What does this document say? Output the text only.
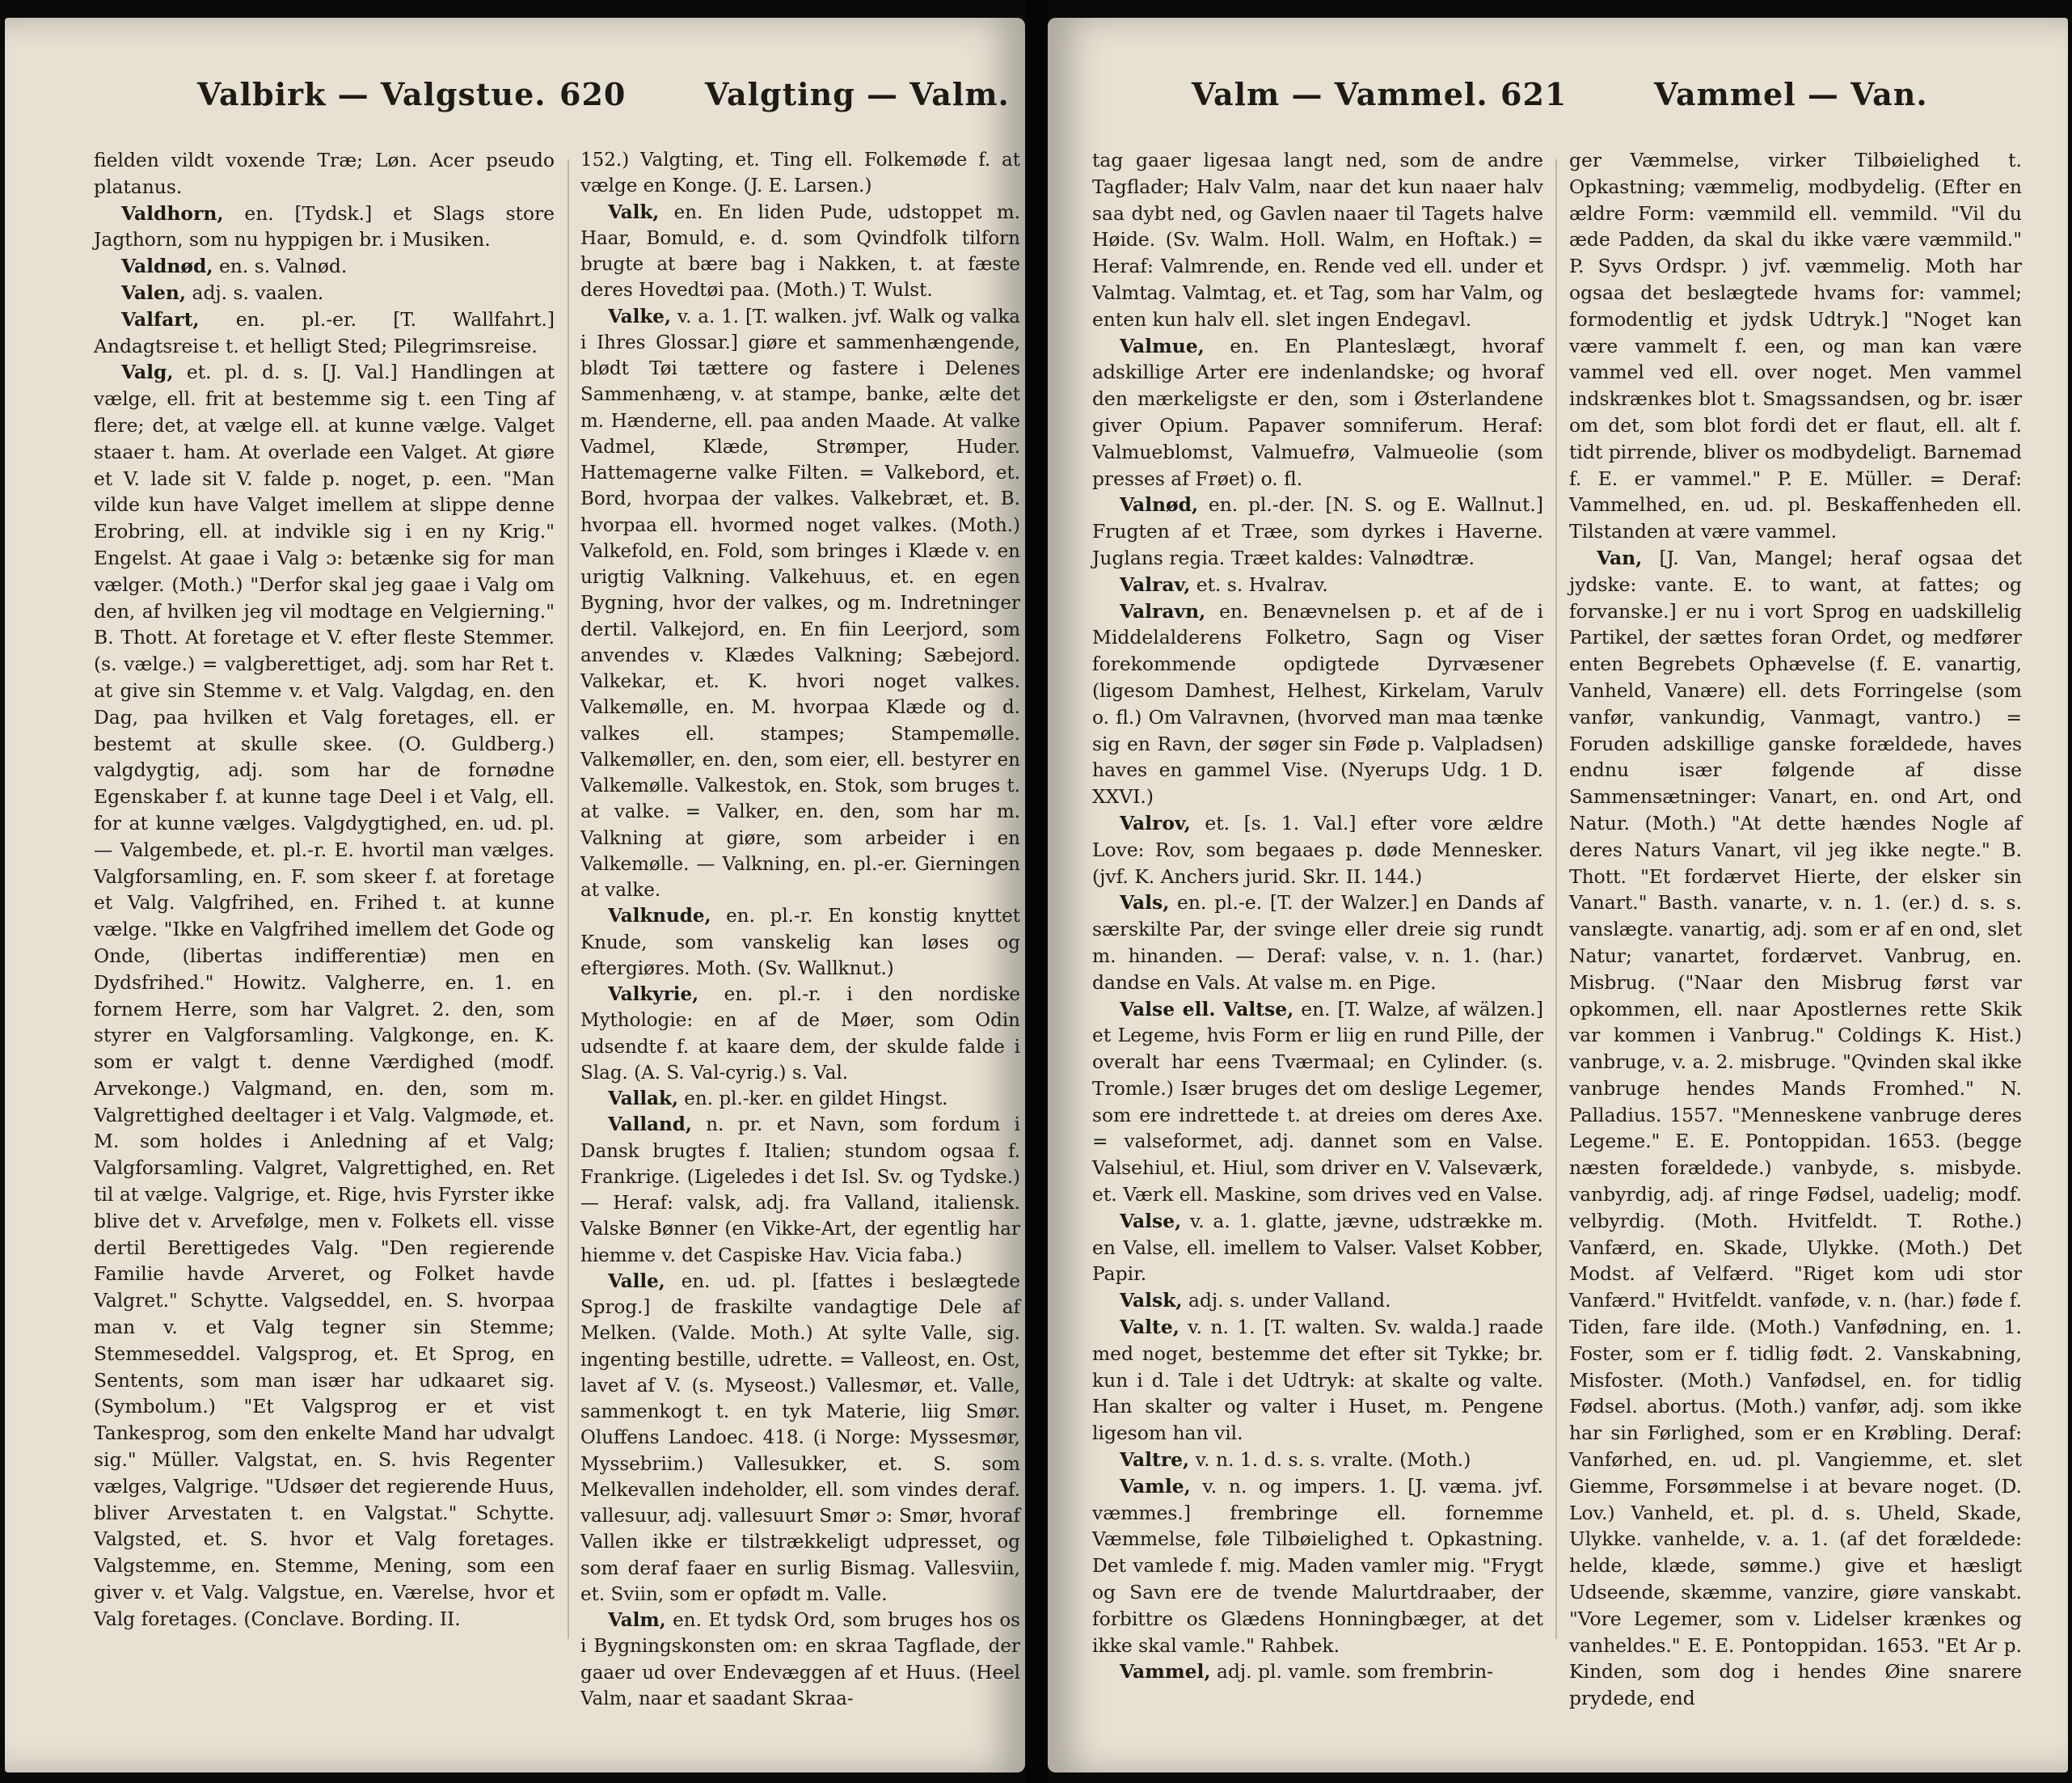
Valbirk — Valgstue. 620	Valgting — Valm.

fielden vildt voxende Træ; Løn. Acer pseudo platanus.

Valdhorn, en. [Tydsk.] et Slags store Jagthorn, som nu hyppigen br. i Musiken.

Valdnød, en. s. Valnød.

Valen, adj. s. vaalen.

Valfart, en. pl.-er. [T. Wallfahrt.] Andagtsreise t. et helligt Sted; Pilegrimsreise.

Valg, et. pl. d. s. [J. Val.] Handlingen at vælge, ell. frit at bestemme sig t. een Ting af flere; det, at vælge ell. at kunne vælge. Valget staaer t. ham. At overlade een Valget. At giøre et V. lade sit V. falde p. noget, p. een. "Man vilde kun have Valget imellem at slippe denne Erobring, ell. at indvikle sig i en ny Krig." Engelst. At gaae i Valg ɔ: betænke sig for man vælger. (Moth.) "Derfor skal jeg gaae i Valg om den, af hvilken jeg vil modtage en Velgierning." B. Thott. At foretage et V. efter fleste Stemmer. (s. vælge.) = valgberettiget, adj. som har Ret t. at give sin Stemme v. et Valg. Valgdag, en. den Dag, paa hvilken et Valg foretages, ell. er bestemt at skulle skee. (O. Guldberg.) valgdygtig, adj. som har de fornødne Egenskaber f. at kunne tage Deel i et Valg, ell. for at kunne vælges. Valgdygtighed, en. ud. pl. — Valgembede, et. pl.-r. E. hvortil man vælges. Valgforsamling, en. F. som skeer f. at foretage et Valg. Valgfrihed, en. Frihed t. at kunne vælge. "Ikke en Valgfrihed imellem det Gode og Onde, (libertas indifferentiæ) men en Dydsfrihed." Howitz. Valgherre, en. 1. en fornem Herre, som har Valgret. 2. den, som styrer en Valgforsamling. Valgkonge, en. K. som er valgt t. denne Værdighed (modf. Arvekonge.) Valgmand, en. den, som m. Valgrettighed deeltager i et Valg. Valgmøde, et. M. som holdes i Anledning af et Valg; Valgforsamling. Valgret, Valgrettighed, en. Ret til at vælge. Valgrige, et. Rige, hvis Fyrster ikke blive det v. Arvefølge, men v. Folkets ell. visse dertil Berettigedes Valg. "Den regierende Familie havde Arveret, og Folket havde Valgret." Schytte. Valgseddel, en. S. hvorpaa man v. et Valg tegner sin Stemme; Stemmeseddel. Valgsprog, et. Et Sprog, en Sentents, som man især har udkaaret sig. (Symbolum.) "Et Valgsprog er et vist Tankesprog, som den enkelte Mand har udvalgt sig." Müller. Valgstat, en. S. hvis Regenter vælges, Valgrige. "Udsøer det regierende Huus, bliver Arvestaten t. en Valgstat." Schytte. Valgsted, et. S. hvor et Valg foretages. Valgstemme, en. Stemme, Mening, som een giver v. et Valg. Valgstue, en. Værelse, hvor et Valg foretages. (Conclave. Bording. II.

152.) Valgting, et. Ting ell. Folkemøde f. at vælge en Konge. (J. E. Larsen.)

Valk, en. En liden Pude, udstoppet m. Haar, Bomuld, e. d. som Qvindfolk tilforn brugte at bære bag i Nakken, t. at fæste deres Hovedtøi paa. (Moth.) T. Wulst.

Valke, v. a. 1. [T. walken. jvf. Walk og valka i Ihres Glossar.] giøre et sammenhængende, blødt Tøi tættere og fastere i Delenes Sammenhæng, v. at stampe, banke, ælte det m. Hænderne, ell. paa anden Maade. At valke Vadmel, Klæde, Strømper, Huder. Hattemagerne valke Filten. = Valkebord, et. Bord, hvorpaa der valkes. Valkebræt, et. B. hvorpaa ell. hvormed noget valkes. (Moth.) Valkefold, en. Fold, som bringes i Klæde v. en urigtig Valkning. Valkehuus, et. en egen Bygning, hvor der valkes, og m. Indretninger dertil. Valkejord, en. En fiin Leerjord, som anvendes v. Klædes Valkning; Sæbejord. Valkekar, et. K. hvori noget valkes. Valkemølle, en. M. hvorpaa Klæde og d. valkes ell. stampes; Stampemølle. Valkemøller, en. den, som eier, ell. bestyrer en Valkemølle. Valkestok, en. Stok, som bruges t. at valke. = Valker, en. den, som har m. Valkning at giøre, som arbeider i en Valkemølle. — Valkning, en. pl.-er. Gierningen at valke.

Valknude, en. pl.-r. En konstig knyttet Knude, som vanskelig kan løses og eftergiøres. Moth. (Sv. Wallknut.)

Valkyrie, en. pl.-r. i den nordiske Mythologie: en af de Møer, som Odin udsendte f. at kaare dem, der skulde falde i Slag. (A. S. Val-cyrig.) s. Val.

Vallak, en. pl.-ker. en gildet Hingst.

Valland, n. pr. et Navn, som fordum i Dansk brugtes f. Italien; stundom ogsaa f. Frankrige. (Ligeledes i det Isl. Sv. og Tydske.) — Heraf: valsk, adj. fra Valland, italiensk. Valske Bønner (en Vikke-Art, der egentlig har hiemme v. det Caspiske Hav. Vicia faba.)

Valle, en. ud. pl. [fattes i beslægtede Sprog.] de fraskilte vandagtige Dele af Melken. (Valde. Moth.) At sylte Valle, sig. ingenting bestille, udrette. = Valleost, en. Ost, lavet af V. (s. Myseost.) Vallesmør, et. Valle, sammenkogt t. en tyk Materie, liig Smør. Oluffens Landoec. 418. (i Norge: Myssesmør, Myssebriim.) Vallesukker, et. S. som Melkevallen indeholder, ell. som vindes deraf. vallesuur, adj. vallesuurt Smør ɔ: Smør, hvoraf Vallen ikke er tilstrækkeligt udpresset, og som deraf faaer en surlig Bismag. Vallesviin, et. Sviin, som er opfødt m. Valle.

Valm, en. Et tydsk Ord, som bruges hos os i Bygningskonsten om: en skraa Tagflade, der gaaer ud over Endevæggen af et Huus. (Heel Valm, naar et saadant Skraa-

Valm — Vammel. 621	Vammel — Van.

tag gaaer ligesaa langt ned, som de andre Tagflader; Halv Valm, naar det kun naaer halv saa dybt ned, og Gavlen naaer til Tagets halve Høide. (Sv. Walm. Holl. Walm, en Hoftak.) = Heraf: Valmrende, en. Rende ved ell. under et Valmtag. Valmtag, et. et Tag, som har Valm, og enten kun halv ell. slet ingen Endegavl.

Valmue, en. En Planteslægt, hvoraf adskillige Arter ere indenlandske; og hvoraf den mærkeligste er den, som i Østerlandene giver Opium. Papaver somniferum. Heraf: Valmueblomst, Valmuefrø, Valmueolie (som presses af Frøet) o. fl.

Valnød, en. pl.-der. [N. S. og E. Wallnut.] Frugten af et Træe, som dyrkes i Haverne. Juglans regia. Træet kaldes: Valnødtræ.

Valrav, et. s. Hvalrav.

Valravn, en. Benævnelsen p. et af de i Middelalderens Folketro, Sagn og Viser forekommende opdigtede Dyrvæsener (ligesom Damhest, Helhest, Kirkelam, Varulv o. fl.) Om Valravnen, (hvorved man maa tænke sig en Ravn, der søger sin Føde p. Valpladsen) haves en gammel Vise. (Nyerups Udg. 1 D. XXVI.)

Valrov, et. [s. 1. Val.] efter vore ældre Love: Rov, som begaaes p. døde Mennesker. (jvf. K. Anchers jurid. Skr. II. 144.)

Vals, en. pl.-e. [T. der Walzer.] en Dands af særskilte Par, der svinge eller dreie sig rundt m. hinanden. — Deraf: valse, v. n. 1. (har.) dandse en Vals. At valse m. en Pige.

Valse ell. Valtse, en. [T. Walze, af wälzen.] et Legeme, hvis Form er liig en rund Pille, der overalt har eens Tværmaal; en Cylinder. (s. Tromle.) Især bruges det om deslige Legemer, som ere indrettede t. at dreies om deres Axe. = valseformet, adj. dannet som en Valse. Valsehiul, et. Hiul, som driver en V. Valseværk, et. Værk ell. Maskine, som drives ved en Valse.

Valse, v. a. 1. glatte, jævne, udstrække m. en Valse, ell. imellem to Valser. Valset Kobber, Papir.

Valsk, adj. s. under Valland.

Valte, v. n. 1. [T. walten. Sv. walda.] raade med noget, bestemme det efter sit Tykke; br. kun i d. Tale i det Udtryk: at skalte og valte. Han skalter og valter i Huset, m. Pengene ligesom han vil.

Valtre, v. n. 1. d. s. s. vralte. (Moth.)

Vamle, v. n. og impers. 1. [J. væma. jvf. væmmes.] frembringe ell. fornemme Væmmelse, føle Tilbøielighed t. Opkastning. Det vamlede f. mig. Maden vamler mig. "Frygt og Savn ere de tvende Malurtdraaber, der forbittre os Glædens Honningbæger, at det ikke skal vamle." Rahbek.

Vammel, adj. pl. vamle. som frembrin-

ger Væmmelse, virker Tilbøielighed t. Opkastning; væmmelig, modbydelig. (Efter en ældre Form: væmmild ell. vemmild. "Vil du æde Padden, da skal du ikke være væmmild." P. Syvs Ordspr. ) jvf. væmmelig. Moth har ogsaa det beslægtede hvams for: vammel; formodentlig et jydsk Udtryk.] "Noget kan være vammelt f. een, og man kan være vammel ved ell. over noget. Men vammel indskrænkes blot t. Smagssandsen, og br. især om det, som blot fordi det er flaut, ell. alt f. tidt pirrende, bliver os modbydeligt. Barnemad f. E. er vammel." P. E. Müller. = Deraf: Vammelhed, en. ud. pl. Beskaffenheden ell. Tilstanden at være vammel.

Van, [J. Van, Mangel; heraf ogsaa det jydske: vante. E. to want, at fattes; og forvanske.] er nu i vort Sprog en uadskillelig Partikel, der sættes foran Ordet, og medfører enten Begrebets Ophævelse (f. E. vanartig, Vanheld, Vanære) ell. dets Forringelse (som vanfør, vankundig, Vanmagt, vantro.) = Foruden adskillige ganske forældede, haves endnu især følgende af disse Sammensætninger: Vanart, en. ond Art, ond Natur. (Moth.) "At dette hændes Nogle af deres Naturs Vanart, vil jeg ikke negte." B. Thott. "Et fordærvet Hierte, der elsker sin Vanart." Basth. vanarte, v. n. 1. (er.) d. s. s. vanslægte. vanartig, adj. som er af en ond, slet Natur; vanartet, fordærvet. Vanbrug, en. Misbrug. ("Naar den Misbrug først var opkommen, ell. naar Apostlernes rette Skik var kommen i Vanbrug." Coldings K. Hist.) vanbruge, v. a. 2. misbruge. "Qvinden skal ikke vanbruge hendes Mands Fromhed." N. Palladius. 1557. "Menneskene vanbruge deres Legeme." E. E. Pontoppidan. 1653. (begge næsten forældede.) vanbyde, s. misbyde. vanbyrdig, adj. af ringe Fødsel, uadelig; modf. velbyrdig. (Moth. Hvitfeldt. T. Rothe.) Vanfærd, en. Skade, Ulykke. (Moth.) Det Modst. af Velfærd. "Riget kom udi stor Vanfærd." Hvitfeldt. vanføde, v. n. (har.) føde f. Tiden, fare ilde. (Moth.) Vanfødning, en. 1. Foster, som er f. tidlig født. 2. Vanskabning, Misfoster. (Moth.) Vanfødsel, en. for tidlig Fødsel. abortus. (Moth.) vanfør, adj. som ikke har sin Førlighed, som er en Krøbling. Deraf: Vanførhed, en. ud. pl. Vangiemme, et. slet Giemme, Forsømmelse i at bevare noget. (D. Lov.) Vanheld, et. pl. d. s. Uheld, Skade, Ulykke. vanhelde, v. a. 1. (af det forældede: helde, klæde, sømme.) give et hæsligt Udseende, skæmme, vanzire, giøre vanskabt. "Vore Legemer, som v. Lidelser krænkes og vanheldes." E. E. Pontoppidan. 1653. "Et Ar p. Kinden, som dog i hendes Øine snarere prydede, end
